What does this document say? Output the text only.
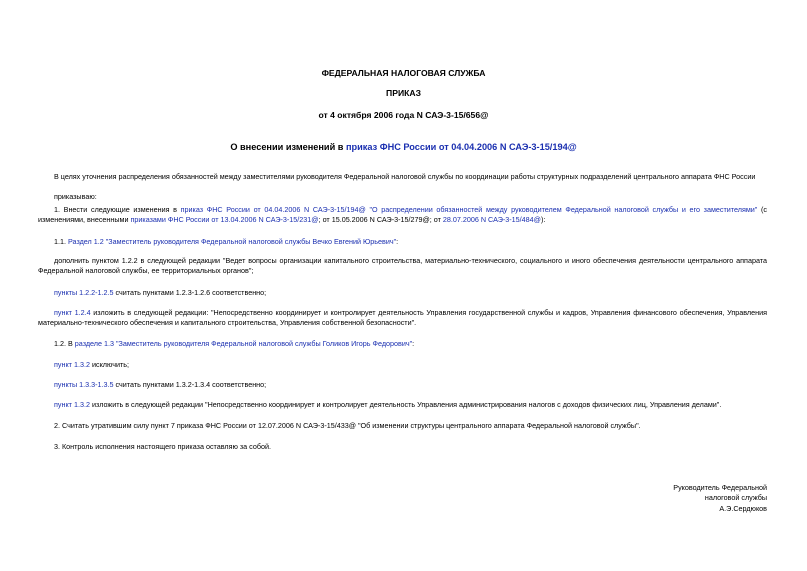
ФЕДЕРАЛЬНАЯ НАЛОГОВАЯ СЛУЖБА
ПРИКАЗ
от 4 октября 2006 года N САЭ-3-15/656@
О внесении изменений в приказ ФНС России от 04.04.2006 N САЭ-3-15/194@
В целях уточнения распределения обязанностей между заместителями руководителя Федеральной налоговой службы по координации работы структурных подразделений центрального аппарата ФНС России
приказываю:
1. Внести следующие изменения в приказ ФНС России от 04.04.2006 N САЭ-3-15/194@ "О распределении обязанностей между руководителем Федеральной налоговой службы и его заместителями" (с изменениями, внесенными приказами ФНС России от 13.04.2006 N САЭ-3-15/231@; от 15.05.2006 N САЭ-3-15/279@; от 28.07.2006 N САЭ-3-15/484@):
1.1. Раздел 1.2 "Заместитель руководителя Федеральной налоговой службы Вечко Евгений Юрьевич":
дополнить пунктом 1.2.2 в следующей редакции "Ведет вопросы организации капитального строительства, материально-технического, социального и иного обеспечения деятельности центрального аппарата Федеральной налоговой службы, ее территориальных органов";
пункты 1.2.2-1.2.5 считать пунктами 1.2.3-1.2.6 соответственно;
пункт 1.2.4 изложить в следующей редакции: "Непосредственно координирует и контролирует деятельность Управления государственной службы и кадров, Управления финансового обеспечения, Управления материально-технического обеспечения и капитального строительства, Управления собственной безопасности".
1.2. В разделе 1.3 "Заместитель руководителя Федеральной налоговой службы Голиков Игорь Федорович":
пункт 1.3.2 исключить;
пункты 1.3.3-1.3.5 считать пунктами 1.3.2-1.3.4 соответственно;
пункт 1.3.2 изложить в следующей редакции "Непосредственно координирует и контролирует деятельность Управления администрирования налогов с доходов физических лиц, Управления делами".
2. Считать утратившим силу пункт 7 приказа ФНС России от 12.07.2006 N САЭ-3-15/433@ "Об изменении структуры центрального аппарата Федеральной налоговой службы".
3. Контроль исполнения настоящего приказа оставляю за собой.
Руководитель Федеральной
налоговой службы
А.Э.Сердюков
